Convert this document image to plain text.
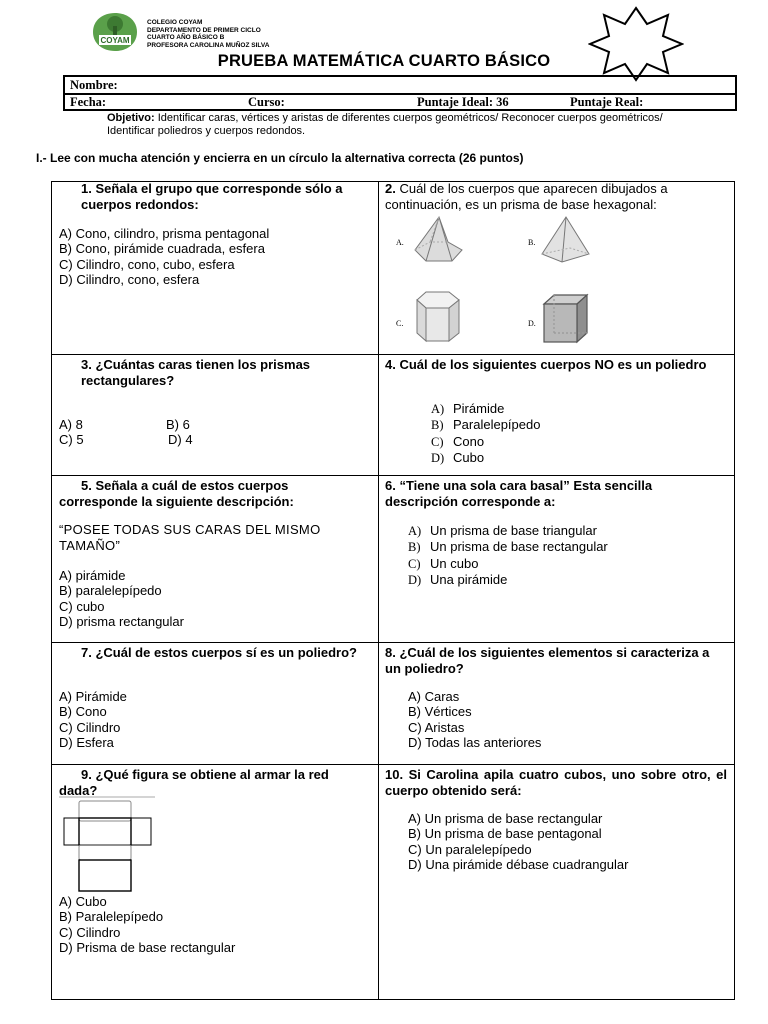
COYAM
COLEGIO COYAM
DEPARTAMENTO DE PRIMER CICLO
CUARTO AÑO BÁSICO B
PROFESORA CAROLINA MUÑOZ SILVA
PRUEBA MATEMÁTICA CUARTO BÁSICO
Nombre:
Fecha:	Curso:	Puntaje Ideal: 36	Puntaje Real:
Objetivo: Identificar caras, vértices y aristas de diferentes cuerpos geométricos/ Reconocer cuerpos geométricos/ Identificar poliedros y cuerpos redondos.
I.- Lee con mucha atención y encierra en un círculo la alternativa correcta (26 puntos)
1. Señala el grupo que corresponde sólo a cuerpos redondos:
A) Cono, cilindro, prisma pentagonal
B) Cono, pirámide cuadrada, esfera
C) Cilindro, cono, cubo, esfera
D) Cilindro, cono, esfera
2. Cuál de los cuerpos que aparecen dibujados a continuación, es un prisma de base hexagonal:
A.	B.
C.	D.
3. ¿Cuántas caras tienen los prismas rectangulares?
A) 8	B) 6
C) 5	D) 4
4. Cuál de los siguientes cuerpos NO es un poliedro
A) Pirámide
B) Paralelepípedo
C) Cono
D) Cubo
5. Señala a cuál de estos cuerpos corresponde la siguiente descripción:
“POSEE TODAS SUS CARAS DEL MISMO TAMAÑO”
A) pirámide
B) paralelepípedo
C) cubo
D) prisma rectangular
6. “Tiene una sola cara basal” Esta sencilla descripción corresponde a:
A) Un prisma de base triangular
B) Un prisma de base rectangular
C) Un cubo
D) Una pirámide
7. ¿Cuál de estos cuerpos sí es un poliedro?
A) Pirámide
B) Cono
C) Cilindro
D) Esfera
8. ¿Cuál de los siguientes elementos si caracteriza a un poliedro?
A) Caras
B) Vértices
C) Aristas
D) Todas las anteriores
9. ¿Qué figura se obtiene al armar la red dada?
A) Cubo
B) Paralelepípedo
C) Cilindro
D) Prisma de base rectangular
10. Si Carolina apila cuatro cubos, uno sobre otro, el cuerpo obtenido será:
A) Un prisma de base rectangular
B) Un prisma de base pentagonal
C) Un paralelepípedo
D) Una pirámide débase cuadrangular
